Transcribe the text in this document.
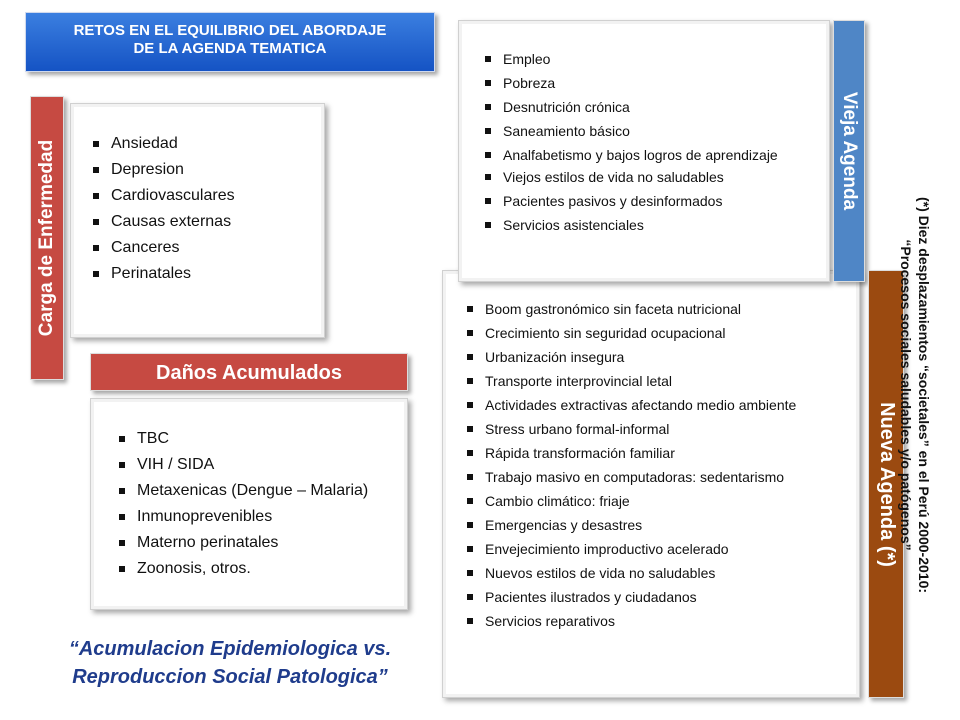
RETOS EN EL EQUILIBRIO DEL ABORDAJE
DE LA AGENDA TEMATICA
Carga de Enfermedad	Ansiedad
Depresion
Cardiovasculares
Causas externas
Canceres
Perinatales
Daños Acumulados
TBC
VIH / SIDA
Metaxenicas (Dengue – Malaria)
Inmunoprevenibles
Materno perinatales
Zoonosis, otros.
“Acumulacion Epidemiologica vs.
Reproduccion Social Patologica”
Boom gastronómico sin faceta nutricional
Crecimiento sin seguridad ocupacional
Urbanización insegura
Transporte interprovincial letal
Actividades extractivas afectando medio ambiente
Stress urbano formal-informal
Rápida transformación familiar
Trabajo masivo en computadoras: sedentarismo
Cambio climático: friaje
Emergencias y desastres
Envejecimiento improductivo acelerado
Nuevos estilos de vida no saludables
Pacientes ilustrados y ciudadanos
Servicios reparativos
Empleo
Pobreza
Desnutrición crónica
Saneamiento básico
Analfabetismo y bajos logros de aprendizaje
Viejos estilos de vida no saludables
Pacientes pasivos y desinformados
Servicios asistenciales
Vieja Agenda
Nueva Agenda (*) (*) Diez desplazamientos “societales” en el Perú 2000-2010:
“Procesos sociales saludables y/o patógenos”
